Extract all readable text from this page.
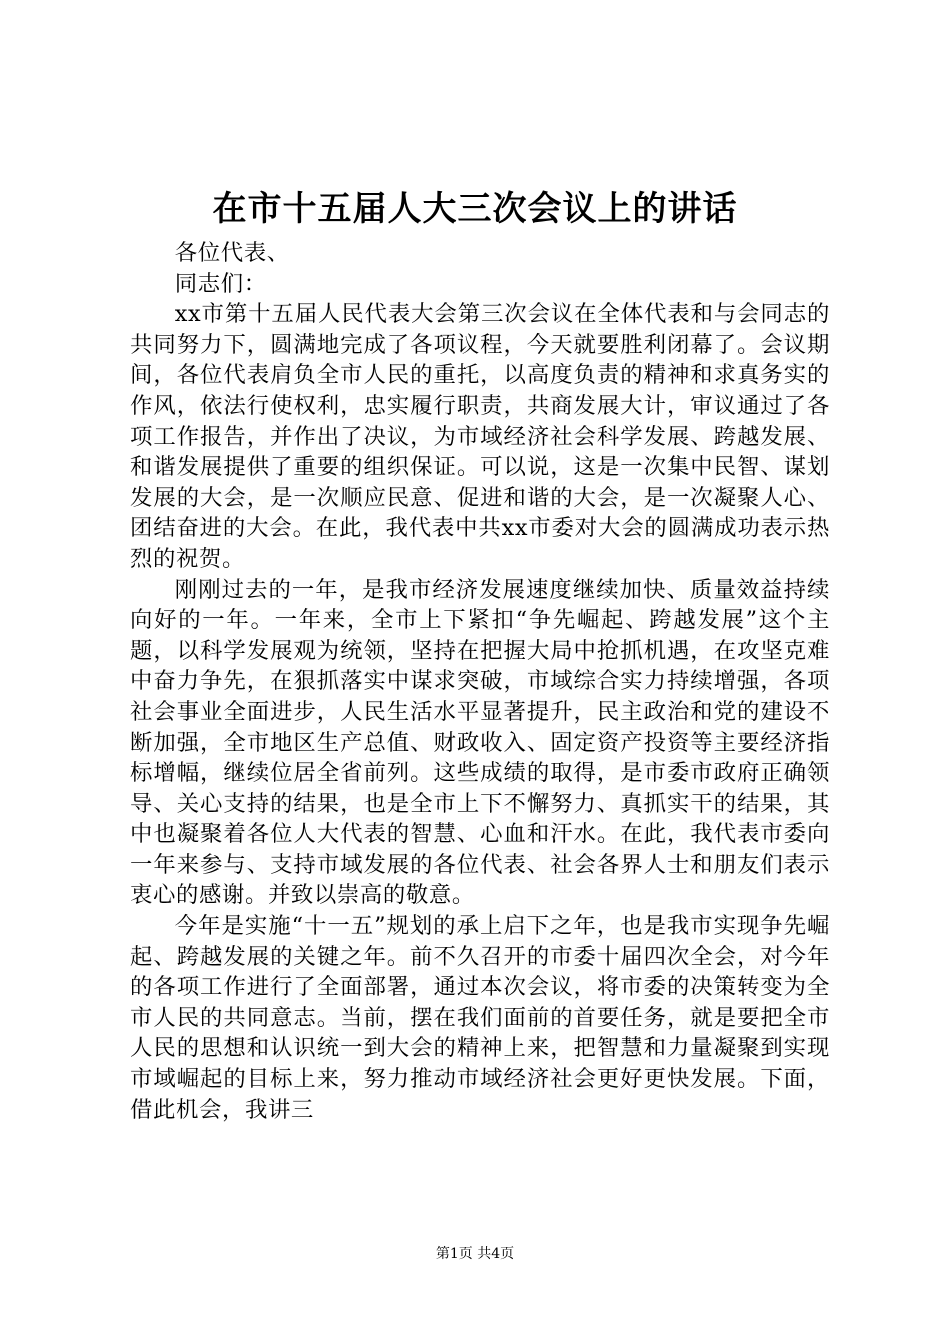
在市十五届人大三次会议上的讲话

各位代表、

同志们：

xx市第十五届人民代表大会第三次会议在全体代表和与会同志的共同努力下，圆满地完成了各项议程，今天就要胜利闭幕了。会议期间，各位代表肩负全市人民的重托，以高度负责的精神和求真务实的作风，依法行使权利，忠实履行职责，共商发展大计，审议通过了各项工作报告，并作出了决议，为市域经济社会科学发展、跨越发展、和谐发展提供了重要的组织保证。可以说，这是一次集中民智、谋划发展的大会，是一次顺应民意、促进和谐的大会，是一次凝聚人心、团结奋进的大会。在此，我代表中共xx市委对大会的圆满成功表示热烈的祝贺。

刚刚过去的一年，是我市经济发展速度继续加快、质量效益持续向好的一年。一年来，全市上下紧扣“争先崛起、跨越发展”这个主题，以科学发展观为统领，坚持在把握大局中抢抓机遇，在攻坚克难中奋力争先，在狠抓落实中谋求突破，市域综合实力持续增强，各项社会事业全面进步，人民生活水平显著提升，民主政治和党的建设不断加强，全市地区生产总值、财政收入、固定资产投资等主要经济指标增幅，继续位居全省前列。这些成绩的取得，是市委市政府正确领导、关心支持的结果，也是全市上下不懈努力、真抓实干的结果，其中也凝聚着各位人大代表的智慧、心血和汗水。在此，我代表市委向一年来参与、支持市域发展的各位代表、社会各界人士和朋友们表示衷心的感谢。并致以崇高的敬意。

今年是实施“十一五”规划的承上启下之年，也是我市实现争先崛起、跨越发展的关键之年。前不久召开的市委十届四次全会，对今年的各项工作进行了全面部署，通过本次会议，将市委的决策转变为全市人民的共同意志。当前，摆在我们面前的首要任务，就是要把全市人民的思想和认识统一到大会的精神上来，把智慧和力量凝聚到实现市域崛起的目标上来，努力推动市域经济社会更好更快发展。下面，借此机会，我讲三

第1页 共4页
